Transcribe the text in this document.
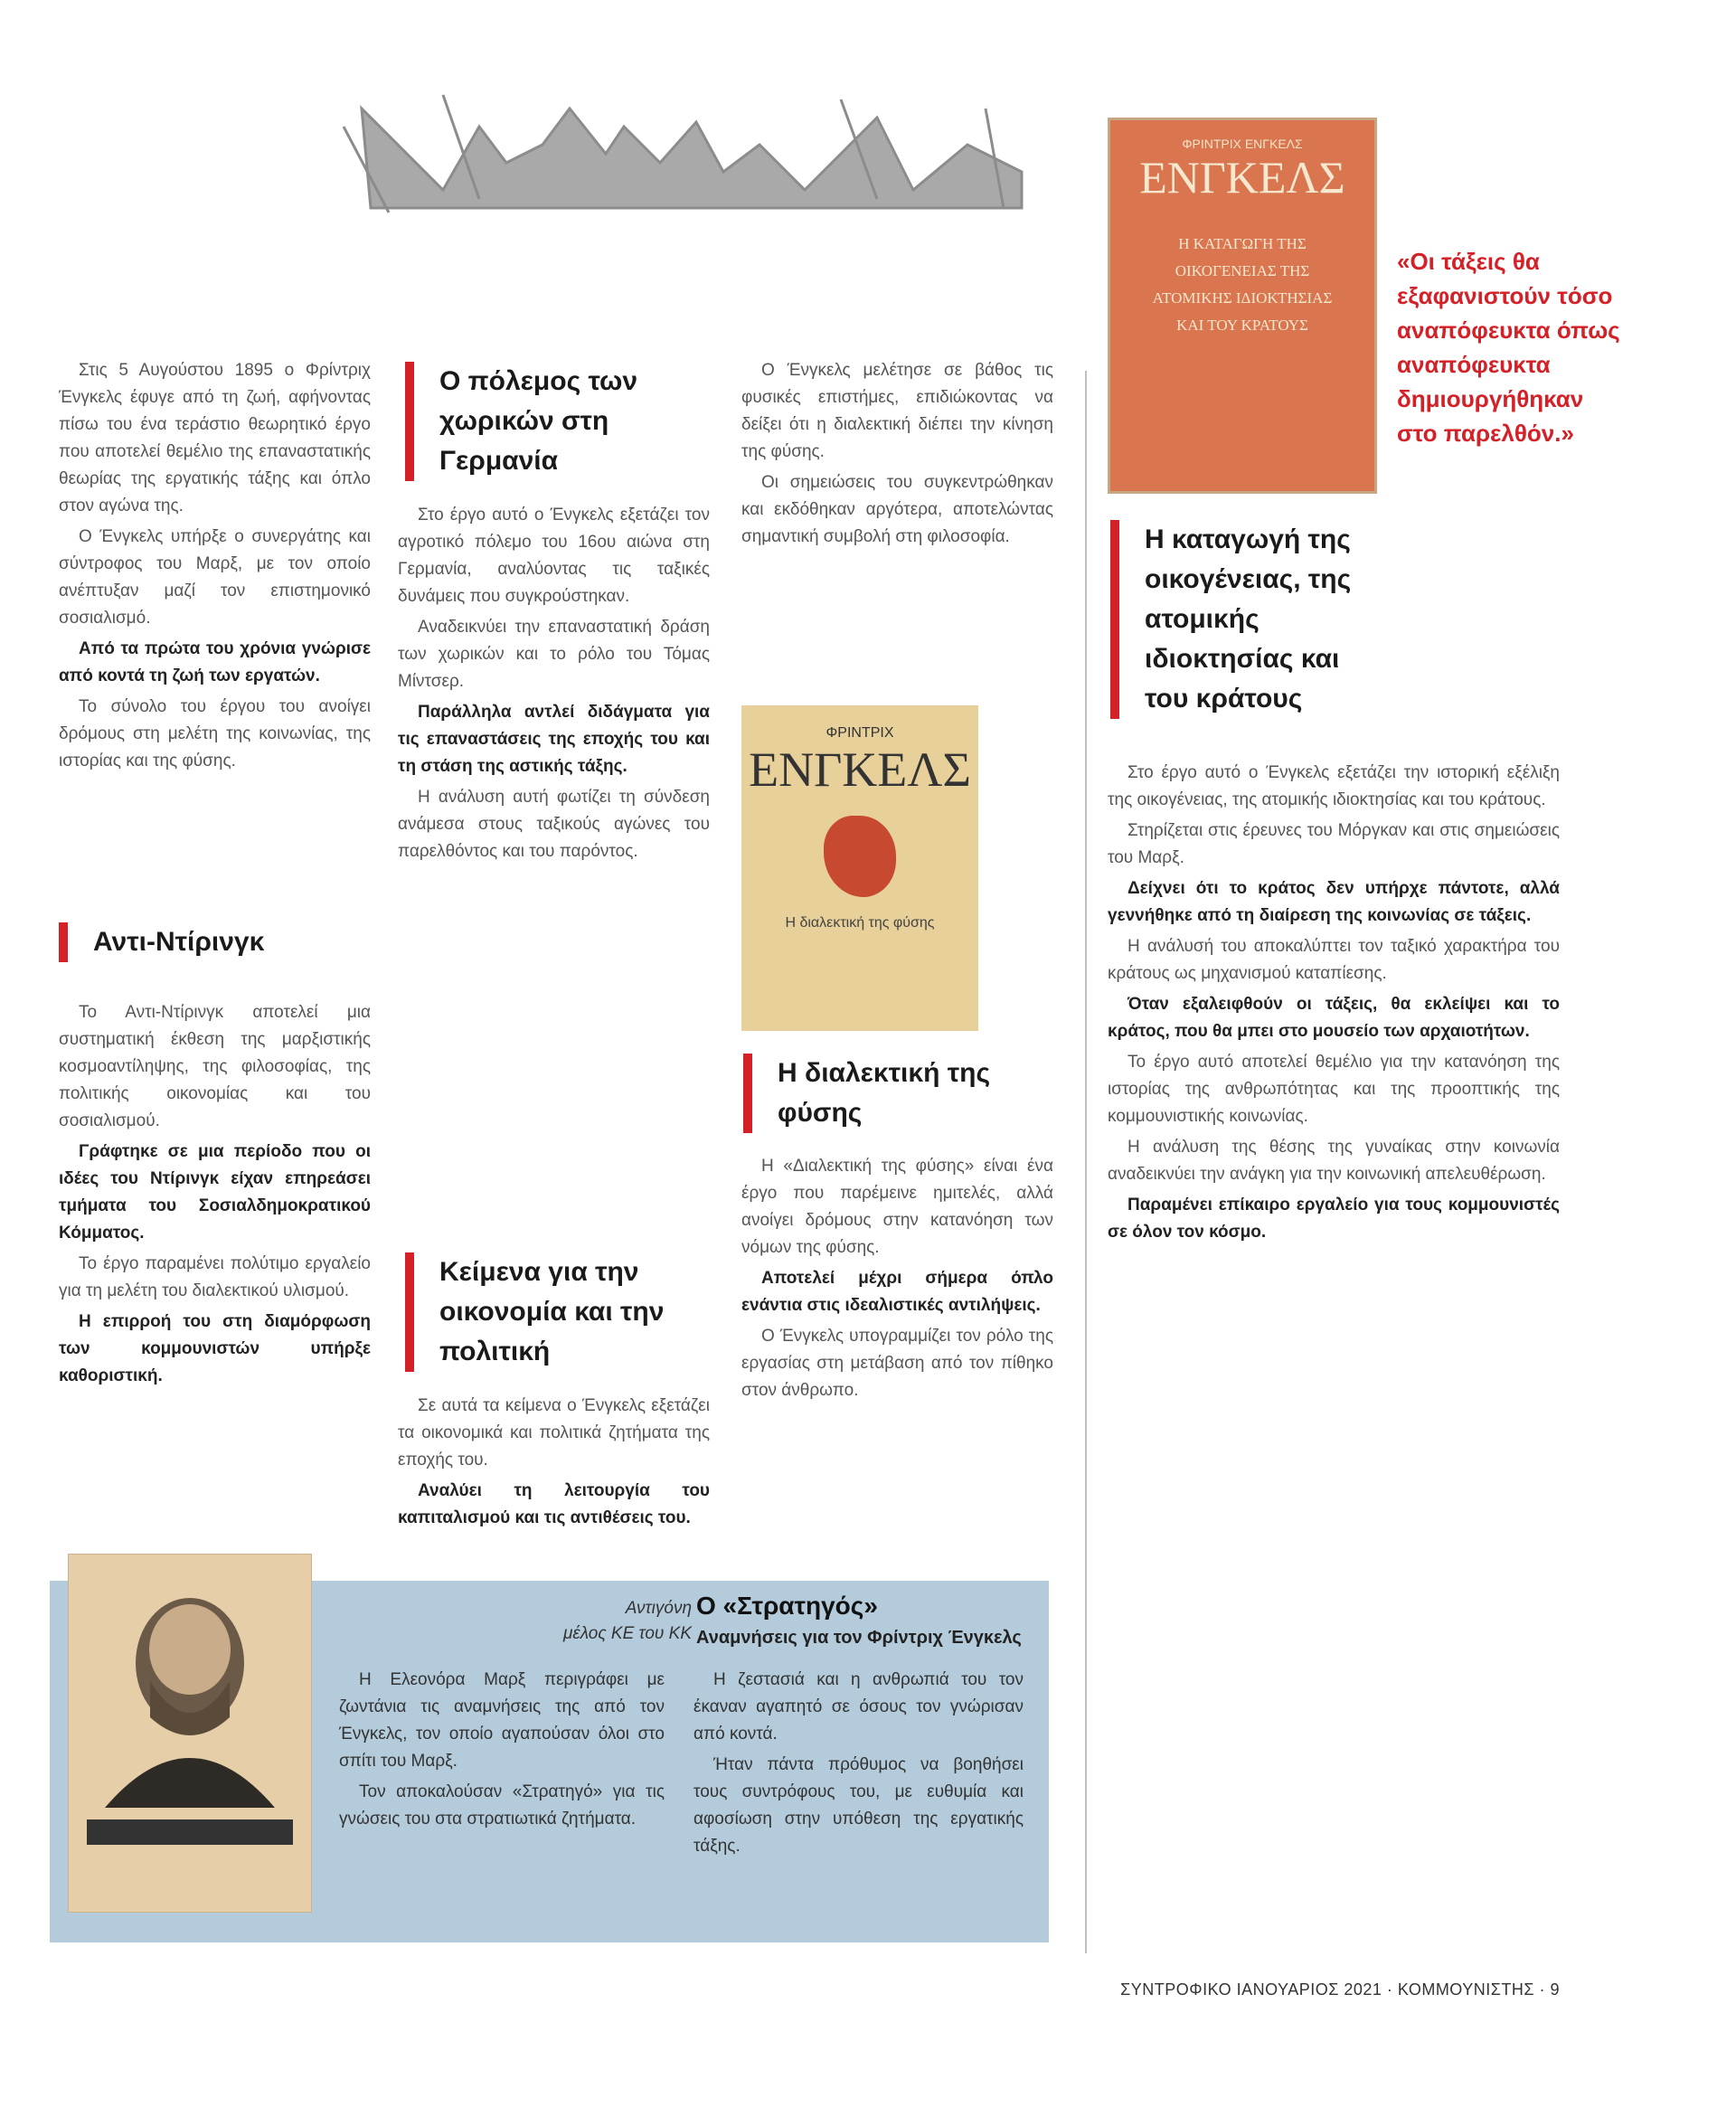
Στις 5 Αυγούστου 1895 ο Φρίντριχ Ένγκελς έφυγε από τη ζωή, αφήνοντας πίσω του ένα τεράστιο θεωρητικό έργο που αποτελεί θεμέλιο της επαναστατικής θεωρίας της εργατικής τάξης και όπλο στον αγώνα της.

Ο Ένγκελς υπήρξε ο συνεργάτης και σύντροφος του Μαρξ, με τον οποίο ανέπτυξαν μαζί τον επιστημονικό σοσιαλισμό.

Από τα πρώτα του χρόνια γνώρισε από κοντά τη ζωή των εργατών.

Το σύνολο του έργου του ανοίγει δρόμους στη μελέτη της κοινωνίας, της ιστορίας και της φύσης.

Αντι-Ντίρινγκ

Το Αντι-Ντίρινγκ αποτελεί μια συστηματική έκθεση της μαρξιστικής κοσμοαντίληψης, της φιλοσοφίας, της πολιτικής οικονομίας και του σοσιαλισμού.

Γράφτηκε σε μια περίοδο που οι ιδέες του Ντίρινγκ είχαν επηρεάσει τμήματα του Σοσιαλδημοκρατικού Κόμματος.

Το έργο παραμένει πολύτιμο εργαλείο για τη μελέτη του διαλεκτικού υλισμού.

Η επιρροή του στη διαμόρφωση των κομμουνιστών υπήρξε καθοριστική.

Ο πόλεμος των χωρικών στη Γερμανία

Στο έργο αυτό ο Ένγκελς εξετάζει τον αγροτικό πόλεμο του 16ου αιώνα στη Γερμανία, αναλύοντας τις ταξικές δυνάμεις που συγκρούστηκαν.

Αναδεικνύει την επαναστατική δράση των χωρικών και το ρόλο του Τόμας Μίντσερ.

Παράλληλα αντλεί διδάγματα για τις επαναστάσεις της εποχής του και τη στάση της αστικής τάξης.

Η ανάλυση αυτή φωτίζει τη σύνδεση ανάμεσα στους ταξικούς αγώνες του παρελθόντος και του παρόντος.

Κείμενα για την οικονομία και την πολιτική

Σε αυτά τα κείμενα ο Ένγκελς εξετάζει τα οικονομικά και πολιτικά ζητήματα της εποχής του.

Αναλύει τη λειτουργία του καπιταλισμού και τις αντιθέσεις του.

Ο Ένγκελς μελέτησε σε βάθος τις φυσικές επιστήμες, επιδιώκοντας να δείξει ότι η διαλεκτική διέπει την κίνηση της φύσης.

Οι σημειώσεις του συγκεντρώθηκαν και εκδόθηκαν αργότερα, αποτελώντας σημαντική συμβολή στη φιλοσοφία.

ΦΡΙΝΤΡΙΧ
ΕΝΓΚΕΛΣ
Η διαλεκτική της φύσης
Η διαλεκτική της φύσης

Η «Διαλεκτική της φύσης» είναι ένα έργο που παρέμεινε ημιτελές, αλλά ανοίγει δρόμους στην κατανόηση των νόμων της φύσης.

Αποτελεί μέχρι σήμερα όπλο ενάντια στις ιδεαλιστικές αντιλήψεις.

Ο Ένγκελς υπογραμμίζει τον ρόλο της εργασίας στη μετάβαση από τον πίθηκο στον άνθρωπο.

ΦΡΙΝΤΡΙΧ ΕΝΓΚΕΛΣ
ΕΝΓΚΕΛΣ
Η ΚΑΤΑΓΩΓΗ ΤΗΣ ΟΙΚΟΓΕΝΕΙΑΣ ΤΗΣ ΑΤΟΜΙΚΗΣ ΙΔΙΟΚΤΗΣΙΑΣ ΚΑΙ ΤΟΥ ΚΡΑΤΟΥΣ
«Οι τάξεις θα εξαφανιστούν τόσο αναπόφευκτα όπως αναπόφευκτα δημιουργήθηκαν στο παρελθόν.»
Η καταγωγή της οικογένειας, της ατομικής ιδιοκτησίας και του κράτους

Στο έργο αυτό ο Ένγκελς εξετάζει την ιστορική εξέλιξη της οικογένειας, της ατομικής ιδιοκτησίας και του κράτους.

Στηρίζεται στις έρευνες του Μόργκαν και στις σημειώσεις του Μαρξ.

Δείχνει ότι το κράτος δεν υπήρχε πάντοτε, αλλά γεννήθηκε από τη διαίρεση της κοινωνίας σε τάξεις.

Η ανάλυσή του αποκαλύπτει τον ταξικό χαρακτήρα του κράτους ως μηχανισμού καταπίεσης.

Όταν εξαλειφθούν οι τάξεις, θα εκλείψει και το κράτος, που θα μπει στο μουσείο των αρχαιοτήτων.

Το έργο αυτό αποτελεί θεμέλιο για την κατανόηση της ιστορίας της ανθρωπότητας και της προοπτικής της κομμουνιστικής κοινωνίας.

Η ανάλυση της θέσης της γυναίκας στην κοινωνία αναδεικνύει την ανάγκη για την κοινωνική απελευθέρωση.

Παραμένει επίκαιρο εργαλείο για τους κομμουνιστές σε όλον τον κόσμο.

Αντιγόνη
μέλος ΚΕ του ΚΚ
Ο «Στρατηγός»
Αναμνήσεις για τον Φρίντριχ Ένγκελς

Η Ελεονόρα Μαρξ περιγράφει με ζωντάνια τις αναμνήσεις της από τον Ένγκελς, τον οποίο αγαπούσαν όλοι στο σπίτι του Μαρξ.

Τον αποκαλούσαν «Στρατηγό» για τις γνώσεις του στα στρατιωτικά ζητήματα.

Η ζεστασιά και η ανθρωπιά του τον έκαναν αγαπητό σε όσους τον γνώρισαν από κοντά.

Ήταν πάντα πρόθυμος να βοηθήσει τους συντρόφους του, με ευθυμία και αφοσίωση στην υπόθεση της εργατικής τάξης.

ΣΥΝΤΡΟΦΙΚΟ ΙΑΝΟΥΑΡΙΟΣ 2021 · ΚΟΜΜΟΥΝΙΣΤΗΣ · 9
